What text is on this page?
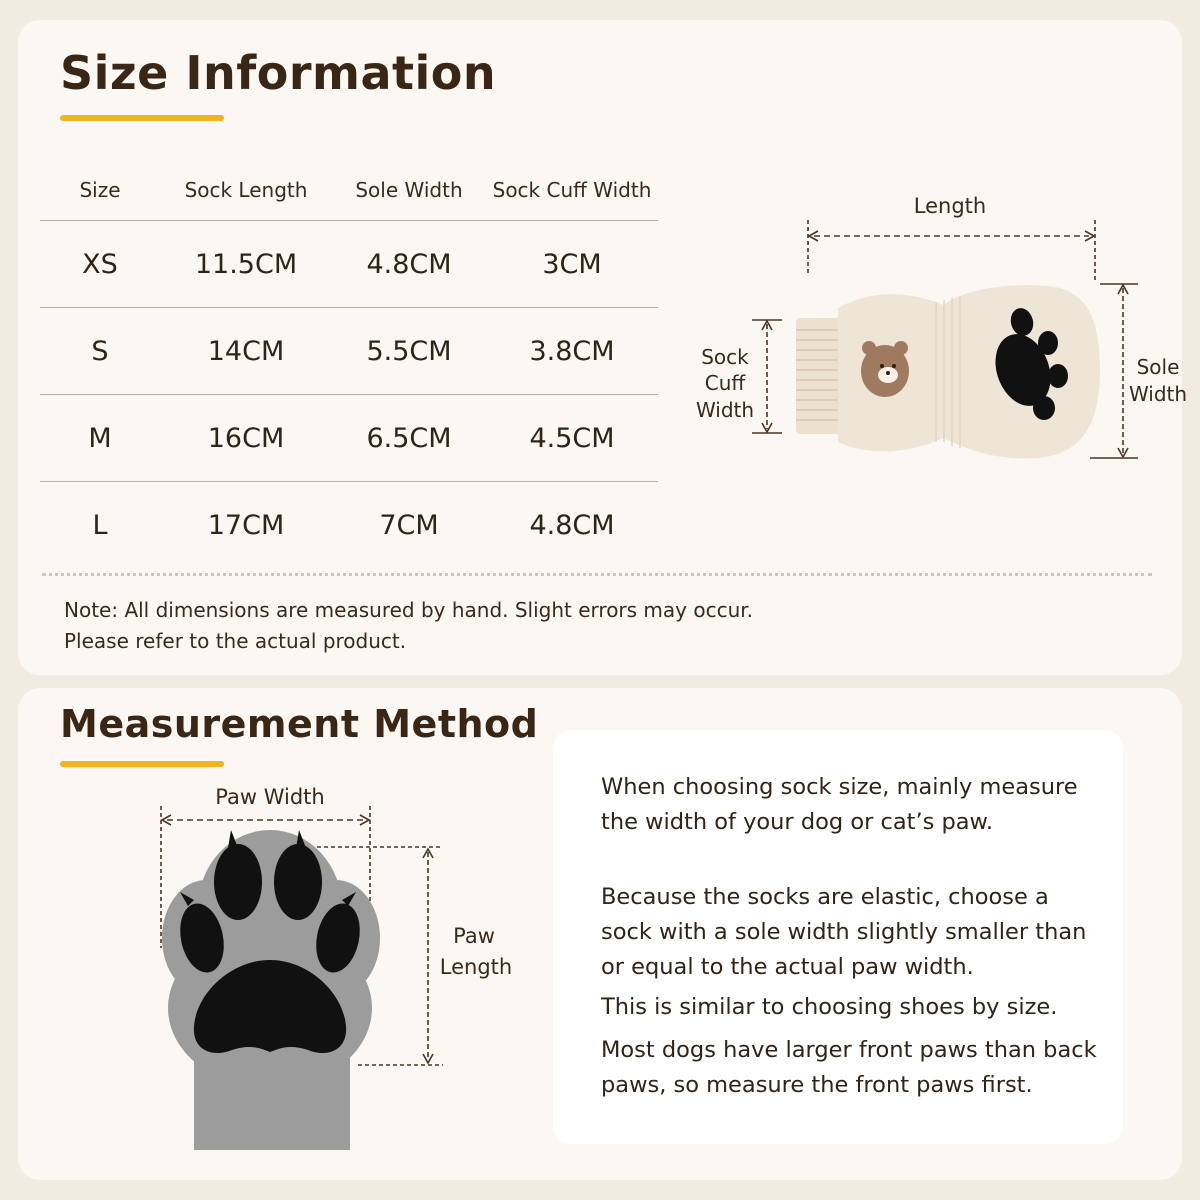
Size Information
Size	Sock Length	Sole Width	Sock Cuff Width
XS	11.5CM	4.8CM	3CM
S	14CM	5.5CM	3.8CM
M	16CM	6.5CM	4.5CM
L	17CM	7CM	4.8CM
Length
Sock
Cuff
Width
Sole
Width
Note: All dimensions are measured by hand. Slight errors may occur.
Please refer to the actual product.
Measurement Method
Paw Width
Paw
Length

When choosing sock size, mainly measure the width of your dog or cat’s paw.

Because the socks are elastic, choose a sock with a sole width slightly smaller than or equal to the actual paw width.

This is similar to choosing shoes by size.

Most dogs have larger front paws than back paws, so measure the front paws first.
